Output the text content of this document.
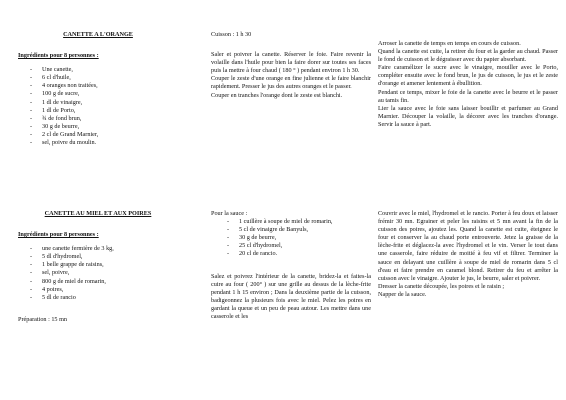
CANETTE A L'ORANGE
Ingrédients pour 8 personnes :
- Une canette,
- 6 cl d'huile,
- 4 oranges non traitées,
- 100 g de sucre,
- 1 dl de vinaigre,
- 1 dl de Porto,
- ¾ de fond brun,
- 30 g de beurre,
- 2 cl de Grand Marnier,
- sel, poivre du moulin.
Cuisson : 1 h 30
Saler et poivrer la canette. Réserver le foie. Faire revenir la volaille dans l'huile pour bien la faire dorer sur toutes ses faces puis la mettre à four chaud ( 180 ° ) pendant environ 1 h 30.
Couper le zeste d'une orange en fine julienne et le faire blanchir rapidement. Presser le jus des autres oranges et le passer.
Couper en tranches l'orange dont le zeste est blanchi.
Arroser la canette de temps en temps en cours de cuisson.
Quand la canette est cuite, la retirer du four et la garder au chaud. Passer le fond de cuisson et le dégraisser avec du papier absorbant.
Faire caramélizer le sucre avec le vinaigre, mouiller avec le Porto, compléter ensuite avec le fond brun, le jus de cuisson, le jus et le zeste d'orange et amener lentement à ébullition.
Pendant ce temps, mixer le foie de la canette avec le beurre et le passer au tamis fin.
Lier la sauce avec le foie sans laisser bouillir et parfumer au Grand Marnier. Découper la volaille, la décorer avec les tranches d'orange. Servir la sauce à part.
CANETTE AU MIEL ET AUX POIRES
Ingrédients pour 8 personnes :
- une canette fermière de 3 kg,
- 5 dl d'hydromel,
- 1 belle grappe de raisins,
- sel, poivre,
- 800 g de miel de romarin,
- 4 poires,
- 5 dl de rancio
Préparation : 15 mn
Pour la sauce :
- 1 cuillère à soupe de miel de romarin,
- 5 cl de vinaigre de Banyuls,
- 30 g de beurre,
- 25 cl d'hydromel,
- 20 cl de rancio.
Salez et poivrez l'intérieur de la canette, bridez-la et faites-la cuire au four ( 200° ) sur une grille au dessus de la lèche-frite pendant 1 h 15 environ ; Dans la deuxième partie de la cuisson, badigeonnez la plusieurs fois avec le miel. Pelez les poires en gardant la queue et un peu de peau autour. Les mettre dans une casserole et les
Couvrir avec le miel, l'hydromel et le rancio. Porter à feu doux et laisser frémir 30 mn. Egrainer et peler les raisins et 5 mn avant la fin de la cuisson des poires, ajoutez les. Quand la canette est cuite, éteignez le four et conserver la au chaud porte entrouverte. Jetez la graisse de la lèche-frite et déglacez-la avec l'hydromel et le vin. Verser le tout dans une casserole, faire réduire de moitié à feu vif et filtrer. Terminer la sauce en delayant une cuillère à soupe de miel de romarin dans 5 cl d'eau et faire prendre en caramel blond. Retirer du feu et arrêter la cuisson avec le vinaigre. Ajouter le jus, le beurre, saler et poivrer.
Dresser la canette découpée, les poires et le raisin ;
Napper de la sauce.
